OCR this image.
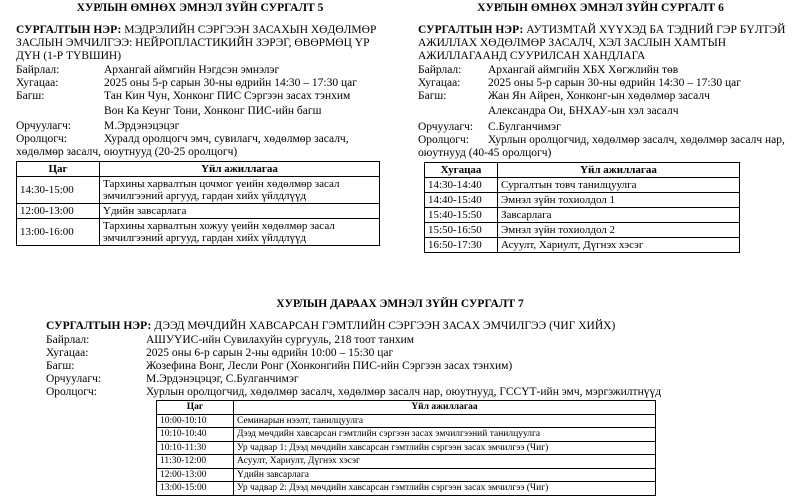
ХУРЛЫН ӨМНӨХ ЭМНЭЛ ЗҮЙН СУРГАЛТ 5
СУРГАЛТЫН НЭР: МЭДРЭЛИЙН СЭРГЭЭН ЗАСАХЫН ХӨДӨЛМӨР ЗАСЛЫН ЭМЧИЛГЭЭ: НЕЙРОПЛАСТИКИЙН ЗЭРЭГ, ӨВӨРМӨЦ ҮР ДҮН (1-Р ТҮВШИН)
Байрлал:	Архангай аймгийн Нэгдсэн эмнэлэг
Хугацаа:	2025 оны 5-р сарын 30-ны өдрийн 14:30 – 17:30 цаг
Багш:	Тан Кин Чун, Хонконг ПИС Сэргээн засах тэнхим
Вон Ка Кеунг Тони, Хонконг ПИС-ийн багш
Орчуулагч:	М.Эрдэнэцэцэг
Оролцогч:	Хуралд оролцогч эмч, сувилагч, хөдөлмөр засалч, хөдөлмөр засалч, оюутнууд (20-25 оролцогч)
Цаг	Үйл ажиллагаа
14:30-15:00	Тархины харвалтын цочмог үеийн хөдөлмөр засал эмчилгээний аргууд, гардан хийх үйлдлүүд
12:00-13:00	Үдийн завсарлага
13:00-16:00	Тархины харвалтын хожуу үеийн хөдөлмөр засал эмчилгээний аргууд, гардан хийх үйлдлүүд
ХУРЛЫН ӨМНӨХ ЭМНЭЛ ЗҮЙН СУРГАЛТ 6
СУРГАЛТЫН НЭР: АУТИЗМТАЙ ХҮҮХЭД БА ТЭДНИЙ ГЭР БҮЛТЭЙ АЖИЛЛАХ ХӨДӨЛМӨР ЗАСАЛЧ, ХЭЛ ЗАСЛЫН ХАМТЫН АЖИЛЛАГААНД СУУРИЛСАН ХАНДЛАГА
Байрлал:	Архангай аймгийн ХБХ Хөгжлийн төв
Хугацаа:	2025 оны 5-р сарын 30-ны өдрийн 14:30 – 17:30 цаг
Багш:	Жан Ян Айрен, Хонконг-ын хөдөлмөр засалч
Александра Ои, БНХАУ-ын хэл засалч
Орчуулагч:	С.Булганчимэг
Оролцогч: Хурлын оролцогчид, хөдөлмөр засалч, хөдөлмөр засалч нар, оюутнууд (40-45 оролцогч)
Хугацаа	Үйл ажиллагаа
14:30-14:40	Сургалтын товч танилцуулга
14:40-15:40	Эмнэл зүйн тохиолдол 1
15:40-15:50	Завсарлага
15:50-16:50	Эмнэл зүйн тохиолдол 2
16:50-17:30	Асуулт, Хариулт, Дүгнэх хэсэг
ХУРЛЫН ДАРААХ ЭМНЭЛ ЗҮЙН СУРГАЛТ 7
СУРГАЛТЫН НЭР: ДЭЭД МӨЧДИЙН ХАВСАРСАН ГЭМТЛИЙН СЭРГЭЭН ЗАСАХ ЭМЧИЛГЭЭ (ЧИГ ХИЙХ)
Байрлал:	АШУҮИС-ийн Сувилахуйн сургууль, 218 тоот танхим
Хугацаа:	2025 оны 6-р сарын 2-ны өдрийн 10:00 – 15:30 цаг
Багш:	Жозефина Вонг, Лесли Ронг (Хонконгийн ПИС-ийн Сэргээн засах тэнхим)
Орчуулагч:	М.Эрдэнэцэцэг, С.Булганчимэг
Оролцогч:	Хурлын оролцогчид, хөдөлмөр засалч, хөдөлмөр засалч нар, оюутнууд, ГССҮТ-ийн эмч, мэргэжилтнүүд
Цаг	Үйл ажиллагаа
10:00-10:10	Семинарын нээлт, танилцуулга
10:10-10:40	Дээд мөчдийн хавсарсан гэмтлийн сэргээн засах эмчилгээний танилцуулга
10:10-11:30	Ур чадвар 1: Дээд мөчдийн хавсарсан гэмтлийн сэргээн засах эмчилгээ (Чиг)
11:30-12:00	Асуулт, Хариулт, Дүгнэх хэсэг
12:00-13:00	Үдийн завсарлага
13:00-15:00	Ур чадвар 2: Дээд мөчдийн хавсарсан гэмтлийн сэргээн засах эмчилгээ (Чиг)
